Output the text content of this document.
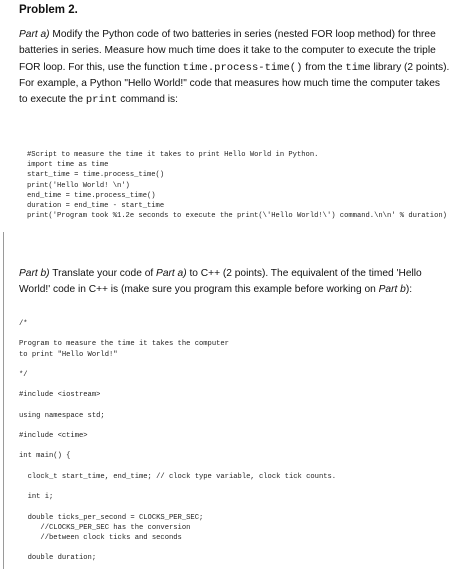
Problem 2.
Part a) Modify the Python code of two batteries in series (nested FOR loop method) for three
batteries in series. Measure how much time does it take to the computer to execute the triple
FOR loop. For this, use the function time.process-time() from the time library (2 points).
For example, a Python "Hello World!" code that measures how much time the computer takes
to execute the print command is:
#Script to measure the time it takes to print Hello World in Python.
import time as time
start_time = time.process_time()
print('Hello World! \n')
end_time = time.process_time()
duration = end_time - start_time
print('Program took %1.2e seconds to execute the print(\'Hello World!\') command.\n\n' % duration)
Part b) Translate your code of Part a) to C++ (2 points). The equivalent of the timed 'Hello
World!' code in C++ is (make sure you program this example before working on Part b):
/*
Program to measure the time it takes the computer
to print "Hello World!"
*/
#include <iostream>
using namespace std;
#include <ctime>
int main() {
clock_t start_time, end_time; // clock type variable, clock tick counts.
int i;
double ticks_per_second = CLOCKS_PER_SEC;
//CLOCKS_PER_SEC has the conversion
//between clock ticks and seconds
double duration;
